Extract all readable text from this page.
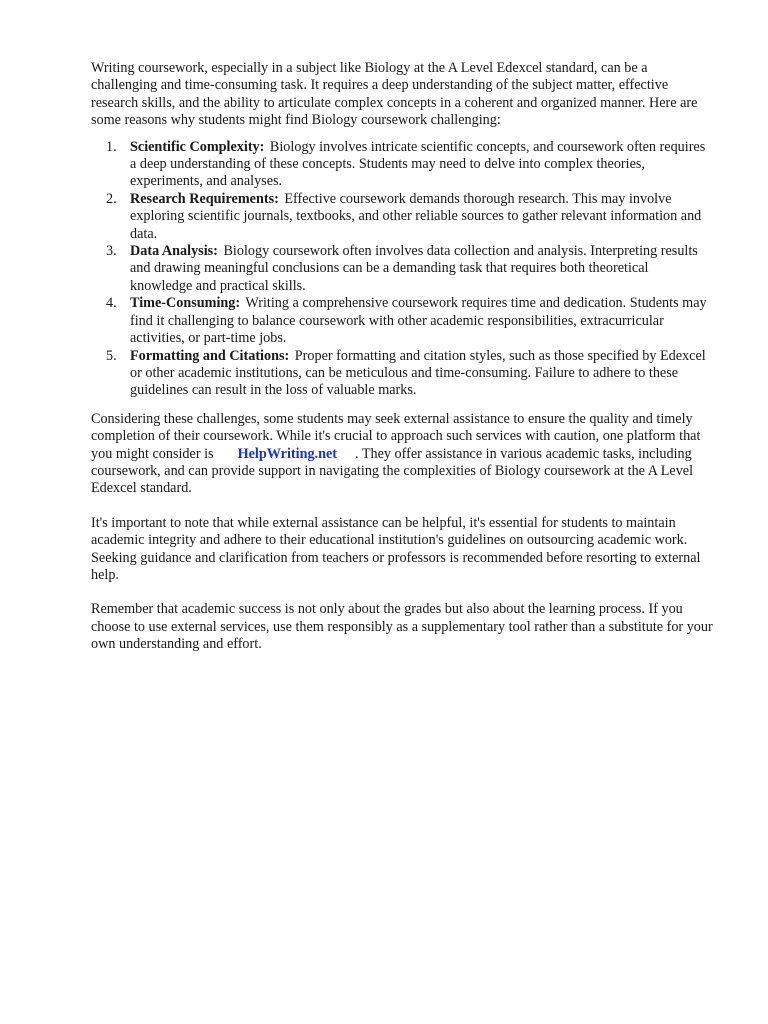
Writing coursework, especially in a subject like Biology at the A Level Edexcel standard, can be a challenging and time-consuming task. It requires a deep understanding of the subject matter, effective research skills, and the ability to articulate complex concepts in a coherent and organized manner. Here are some reasons why students might find Biology coursework challenging:

1. Scientific Complexity: Biology involves intricate scientific concepts, and coursework often requires a deep understanding of these concepts. Students may need to delve into complex theories, experiments, and analyses.
2. Research Requirements: Effective coursework demands thorough research. This may involve exploring scientific journals, textbooks, and other reliable sources to gather relevant information and data.
3. Data Analysis: Biology coursework often involves data collection and analysis. Interpreting results and drawing meaningful conclusions can be a demanding task that requires both theoretical knowledge and practical skills.
4. Time-Consuming: Writing a comprehensive coursework requires time and dedication. Students may find it challenging to balance coursework with other academic responsibilities, extracurricular activities, or part-time jobs.
5. Formatting and Citations: Proper formatting and citation styles, such as those specified by Edexcel or other academic institutions, can be meticulous and time-consuming. Failure to adhere to these guidelines can result in the loss of valuable marks.

Considering these challenges, some students may seek external assistance to ensure the quality and timely completion of their coursework. While it's crucial to approach such services with caution, one platform that you might consider is HelpWriting.net . They offer assistance in various academic tasks, including coursework, and can provide support in navigating the complexities of Biology coursework at the A Level Edexcel standard.

It's important to note that while external assistance can be helpful, it's essential for students to maintain academic integrity and adhere to their educational institution's guidelines on outsourcing academic work. Seeking guidance and clarification from teachers or professors is recommended before resorting to external help.

Remember that academic success is not only about the grades but also about the learning process. If you choose to use external services, use them responsibly as a supplementary tool rather than a substitute for your own understanding and effort.
